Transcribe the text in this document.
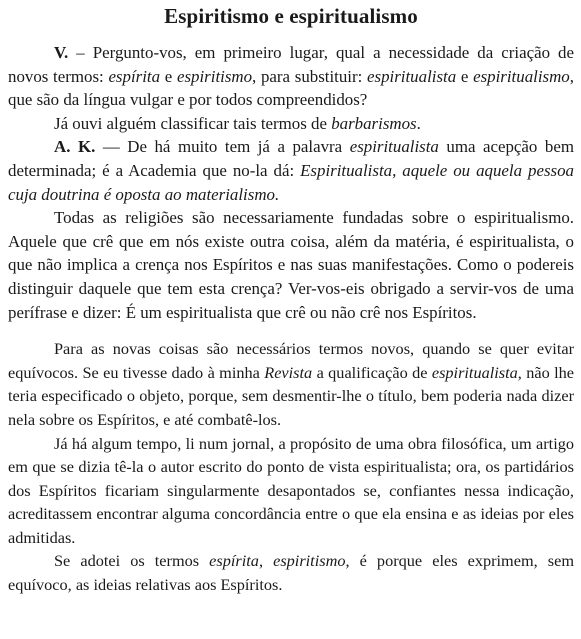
Espiritismo e espiritualismo

V. – Pergunto-vos, em primeiro lugar, qual a necessidade da criação de novos termos: espírita e espiritismo, para substituir: espiritualista e espiritualismo, que são da língua vulgar e por todos compreendidos?

Já ouvi alguém classificar tais termos de barbarismos.

A. K. — De há muito tem já a palavra espiritualista uma acepção bem determinada; é a Academia que no-la dá: Espiritualista, aquele ou aquela pessoa cuja doutrina é oposta ao materialismo.

Todas as religiões são necessariamente fundadas sobre o espiritualismo. Aquele que crê que em nós existe outra coisa, além da matéria, é espiritualista, o que não implica a crença nos Espíritos e nas suas manifestações. Como o podereis distinguir daquele que tem esta crença? Ver-vos-eis obrigado a servir-vos de uma perífrase e dizer: É um espiritualista que crê ou não crê nos Espíritos.

Para as novas coisas são necessários termos novos, quando se quer evitar equívocos. Se eu tivesse dado à minha Revista a qualificação de espiritualista, não lhe teria especificado o objeto, porque, sem desmentir-lhe o título, bem poderia nada dizer nela sobre os Espíritos, e até combatê-los.

Já há algum tempo, li num jornal, a propósito de uma obra filosófica, um artigo em que se dizia tê-la o autor escrito do ponto de vista espiritualista; ora, os partidários dos Espíritos ficariam singularmente desapontados se, confiantes nessa indicação, acreditassem encontrar alguma concordância entre o que ela ensina e as ideias por eles admitidas.

Se adotei os termos espírita, espiritismo, é porque eles exprimem, sem equívoco, as ideias relativas aos Espíritos.
